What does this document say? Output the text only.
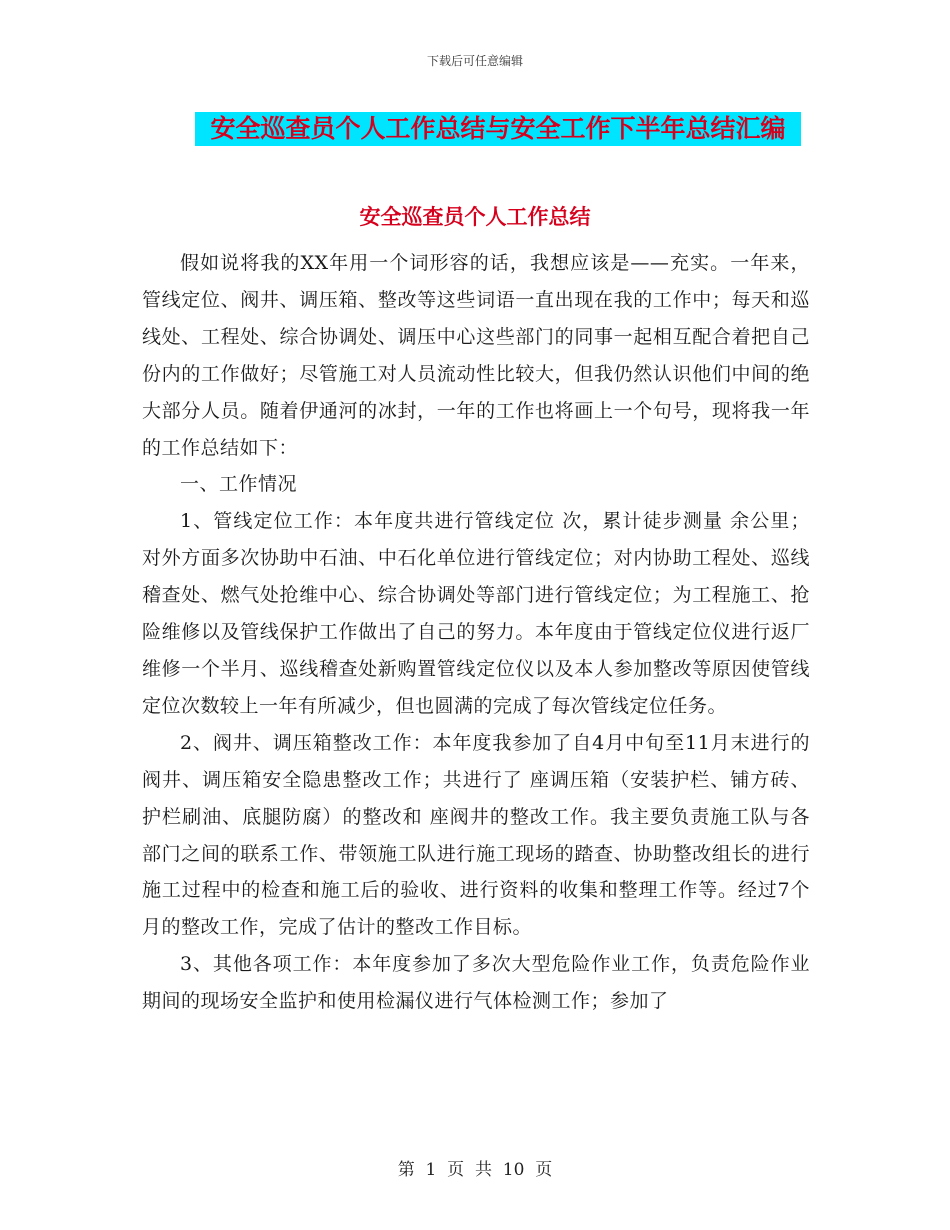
下载后可任意编辑
安全巡查员个人工作总结与安全工作下半年总结汇编
安全巡查员个人工作总结

假如说将我的XX年用一个词形容的话，我想应该是——充实。一年来，管线定位、阀井、调压箱、整改等这些词语一直出现在我的工作中；每天和巡线处、工程处、综合协调处、调压中心这些部门的同事一起相互配合着把自己份内的工作做好；尽管施工对人员流动性比较大，但我仍然认识他们中间的绝大部分人员。随着伊通河的冰封，一年的工作也将画上一个句号，现将我一年的工作总结如下：

一、工作情况

1、管线定位工作：本年度共进行管线定位 次，累计徒步测量 余公里；对外方面多次协助中石油、中石化单位进行管线定位；对内协助工程处、巡线稽查处、燃气处抢维中心、综合协调处等部门进行管线定位；为工程施工、抢险维修以及管线保护工作做出了自己的努力。本年度由于管线定位仪进行返厂维修一个半月、巡线稽查处新购置管线定位仪以及本人参加整改等原因使管线定位次数较上一年有所减少，但也圆满的完成了每次管线定位任务。

2、阀井、调压箱整改工作：本年度我参加了自4月中旬至11月末进行的阀井、调压箱安全隐患整改工作；共进行了 座调压箱（安装护栏、铺方砖、护栏刷油、底腿防腐）的整改和 座阀井的整改工作。我主要负责施工队与各部门之间的联系工作、带领施工队进行施工现场的踏查、协助整改组长的进行施工过程中的检查和施工后的验收、进行资料的收集和整理工作等。经过7个月的整改工作，完成了估计的整改工作目标。

3、其他各项工作：本年度参加了多次大型危险作业工作，负责危险作业期间的现场安全监护和使用检漏仪进行气体检测工作；参加了

第  1  页  共  10  页
